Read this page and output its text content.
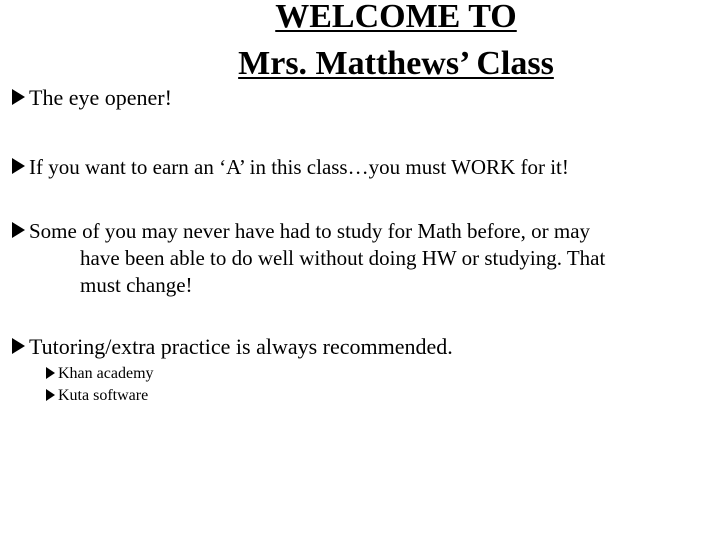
WELCOME TO
Mrs. Matthews’ Class
The eye opener!
If you want to earn an ‘A’ in this class…you must WORK for it!
Some of you may never have had to study for Math before, or may
have been able to do well without doing HW or studying. That
must change!
Tutoring/extra practice is always recommended.
Khan academy
Kuta software
